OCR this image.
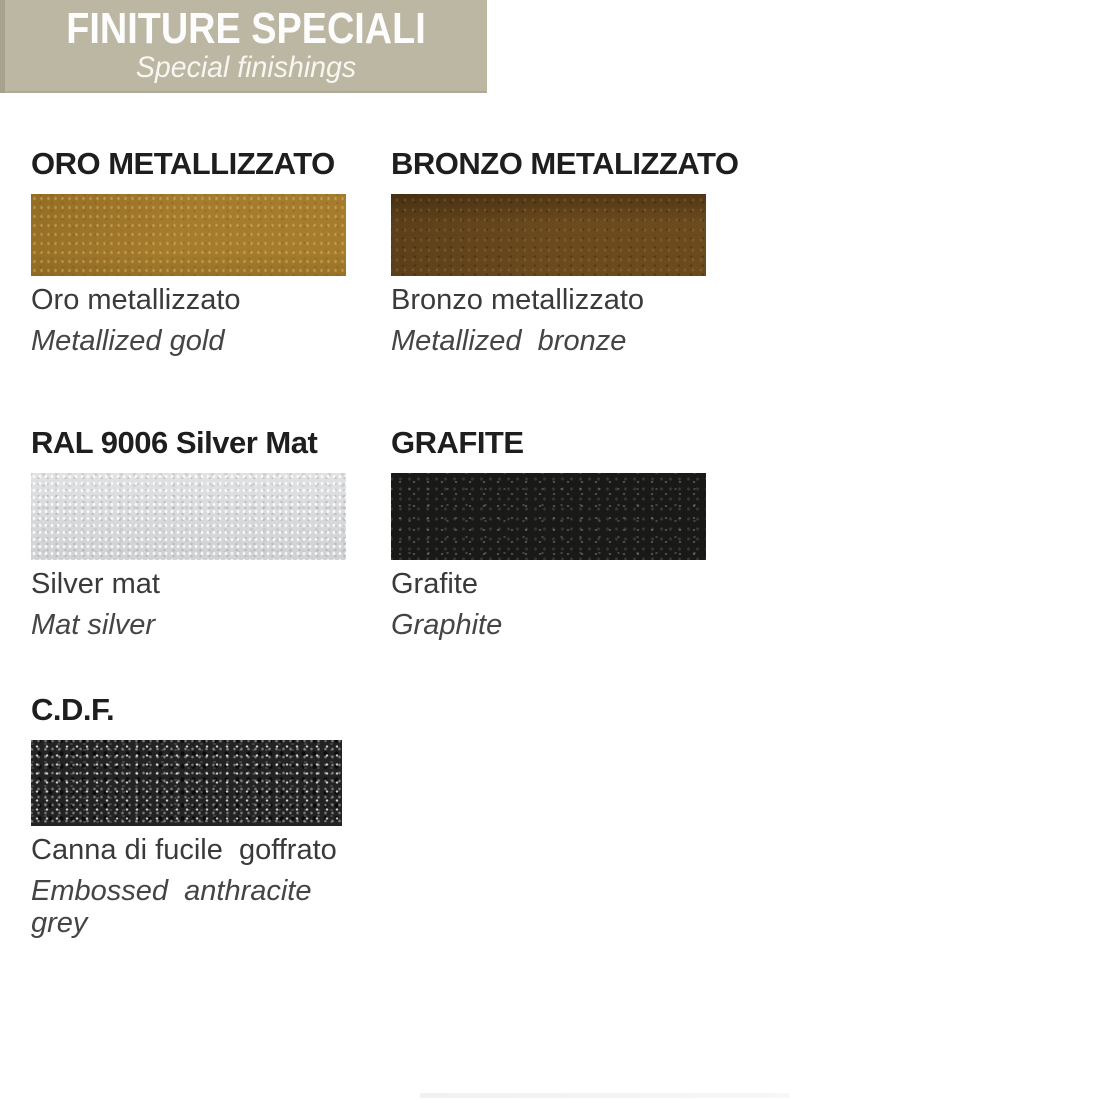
FINITURE SPECIALI
Special finishings
ORO METALLIZZATO

Oro metallizzato

Metallized gold

BRONZO METALIZZATO

Bronzo metallizzato

Metallized  bronze

RAL 9006 Silver Mat

Silver mat

Mat silver

GRAFITE

Grafite

Graphite

C.D.F.

Canna di fucile  goffrato

Embossed  anthracite grey
